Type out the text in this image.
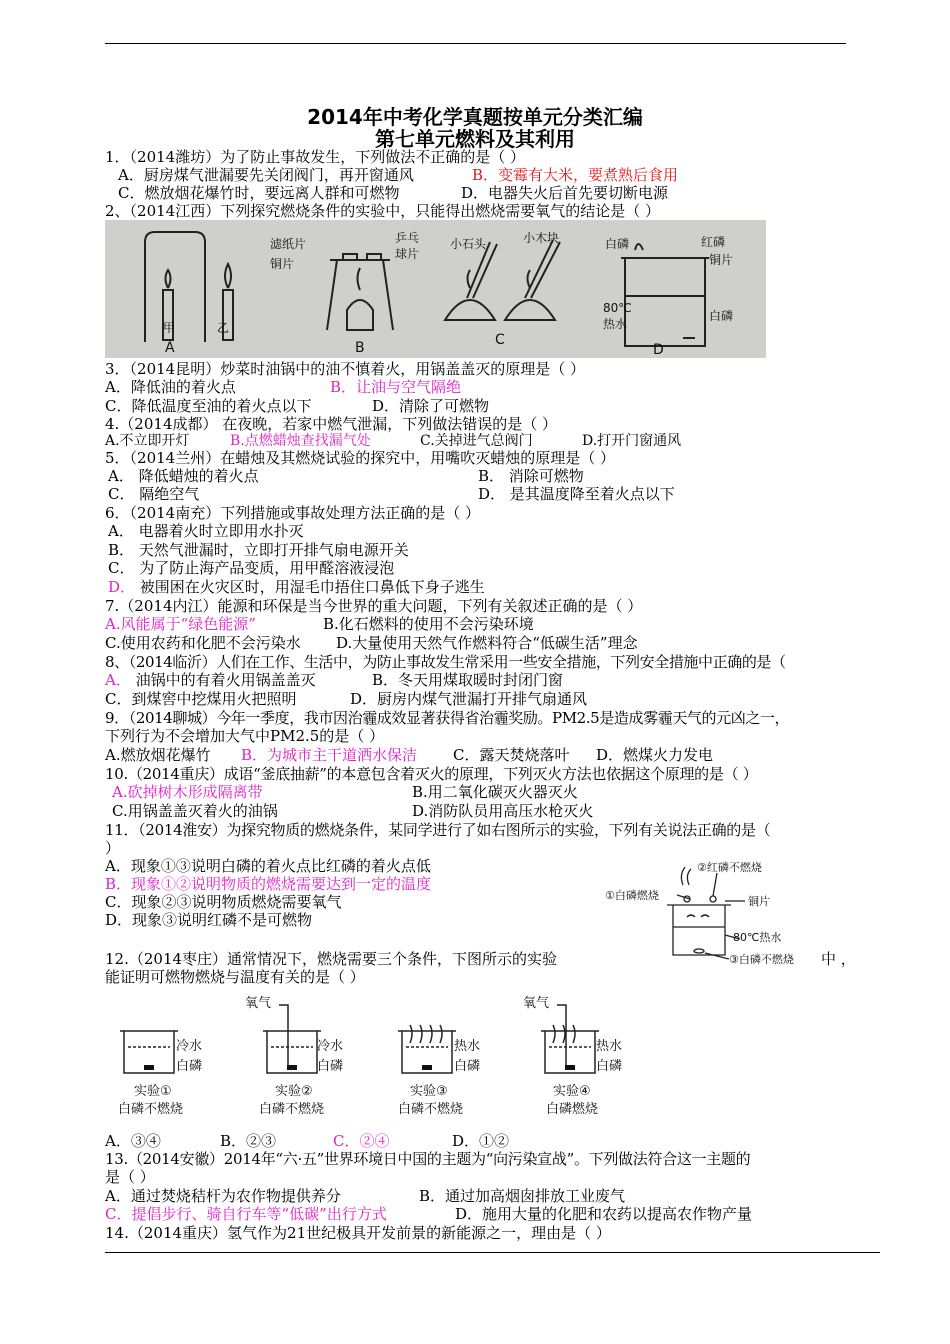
2014年中考化学真题按单元分类汇编
第七单元燃料及其利用
1．（2014潍坊）为了防止事故发生，下列做法不正确的是（ ）
A．厨房煤气泄漏要先关闭阀门，再开窗通风	B．变霉有大米，要煮熟后食用
C．燃放烟花爆竹时，要远离人群和可燃物	D．电器失火后首先要切断电源
2、（2014江西）下列探究燃烧条件的实验中，只能得出燃烧需要氧气的结论是（ ）
甲	乙
A
滤纸片
铜片
乒乓
球片
B
小石头	小木块
C
白磷	红磷
铜片
80℃
热水
白磷
D
3．（2014昆明）炒菜时油锅中的油不慎着火，用锅盖盖灭的原理是（ ）
A．降低油的着火点	B．让油与空气隔绝
C．降低温度至油的着火点以下	D．清除了可燃物
4.（2014成都） 在夜晚，若家中燃气泄漏，下列做法错误的是（ ）
A.不立即开灯	B.点燃蜡烛查找漏气处	C.关掉进气总阀门	D.打开门窗通风
5．（2014兰州）在蜡烛及其燃烧试验的探究中，用嘴吹灭蜡烛的原理是（ ）
A． 降低蜡烛的着火点	B． 消除可燃物
C． 隔绝空气	D． 是其温度降至着火点以下
6．（2014南充）下列措施或事故处理方法正确的是（ ）
A． 电器着火时立即用水扑灭
B． 天然气泄漏时，立即打开排气扇电源开关
C． 为了防止海产品变质，用甲醛溶液浸泡
D． 被围困在火灾区时，用湿毛巾捂住口鼻低下身子逃生
7.（2014内江）能源和环保是当今世界的重大问题，下列有关叙述正确的是（ ）
A.风能属于“绿色能源”	B.化石燃料的使用不会污染环境
C.使用农药和化肥不会污染水 D.大量使用天然气作燃料符合“低碳生活”理念
8、（2014临沂）人们在工作、生活中，为防止事故发生常采用一些安全措施，下列安全措施中正确的是（
A． 油锅中的有着火用锅盖盖灭	B．冬天用煤取暖时封闭门窗
C．到煤窖中挖煤用火把照明	D．厨房内煤气泄漏打开排气扇通风
9．（2014聊城）今年一季度，我市因治霾成效显著获得省治霾奖励。PM2.5是造成雾霾天气的元凶之一，
下列行为不会增加大气中PM2.5的是（ ）
A.燃放烟花爆竹 B．为城市主干道洒水保洁 C．露天焚烧落叶 D．燃煤火力发电
10.（2014重庆）成语“釜底抽薪”的本意包含着灭火的原理，下列灭火方法也依据这个原理的是（ ）
A.砍掉树木形成隔离带	B.用二氧化碳灭火器灭火
C.用锅盖盖灭着火的油锅	D.消防队员用高压水枪灭火
11．（2014淮安）为探究物质的燃烧条件，某同学进行了如右图所示的实验，下列有关说法正确的是（
）
A．现象①③说明白磷的着火点比红磷的着火点低
B．现象①②说明物质的燃烧需要达到一定的温度
C．现象②③说明物质燃烧需要氧气
D．现象③说明红磷不是可燃物
②红磷不燃烧
①白磷燃烧	铜片
80℃热水
③白磷不燃烧
12.（2014枣庄）通常情况下，燃烧需要三个条件，下图所示的实验	中 ，
能证明可燃物燃烧与温度有关的是（ ）
冷水
白磷
氧气
冷水
白磷
热水
白磷
氧气
热水
白磷
实验①	实验②	实验③	实验④
白磷不燃烧	白磷不燃烧	白磷不燃烧	白磷燃烧
A．③④	B．②③	C．②④	D．①②
13.（2014安徽）2014年“六·五”世界环境日中国的主题为“向污染宣战”。下列做法符合这一主题的
是（ ）
A．通过焚烧秸杆为农作物提供养分	B．通过加高烟囱排放工业废气
C．提倡步行、骑自行车等“低碳”出行方式	D．施用大量的化肥和农药以提高农作物产量
14.（2014重庆）氢气作为21世纪极具开发前景的新能源之一，理由是（ ）
